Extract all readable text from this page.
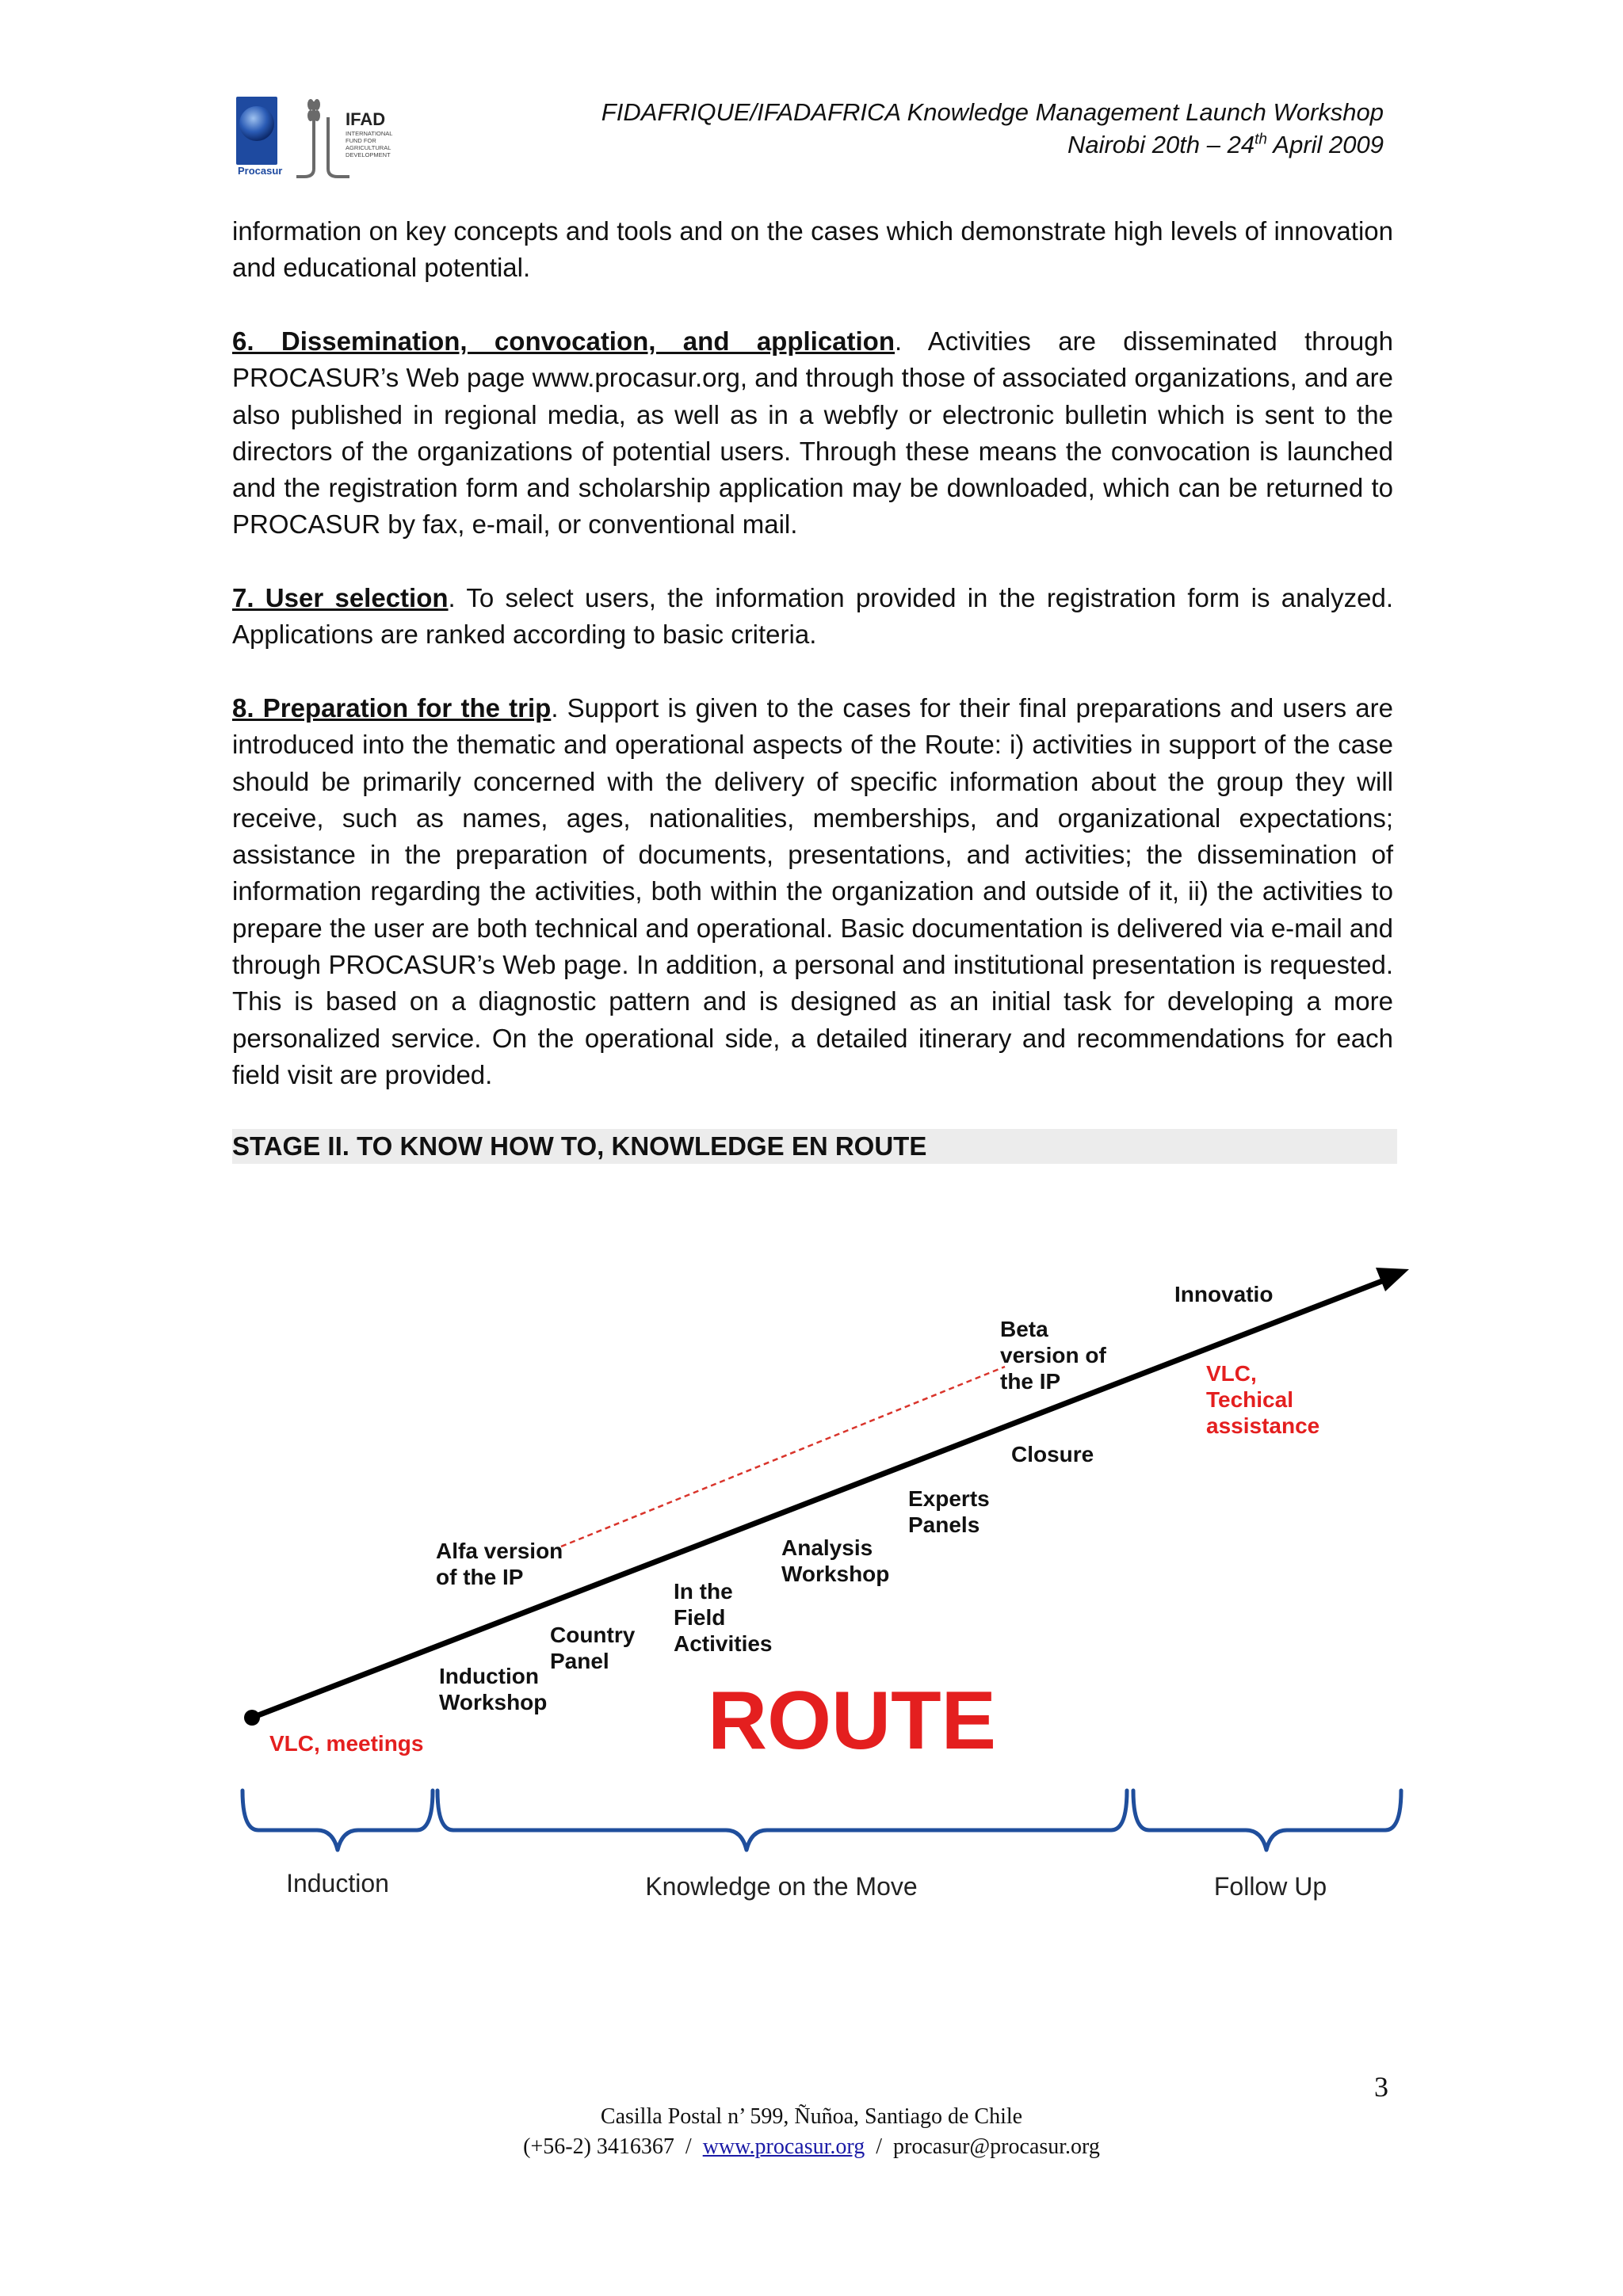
Procasur
IFAD
INTERNATIONAL
FUND FOR
AGRICULTURAL
DEVELOPMENT
FIDAFRIQUE/IFADAFRICA Knowledge Management Launch Workshop
Nairobi 20th – 24th April 2009
information on key concepts and tools and on the cases which demonstrate high levels of innovation and educational potential.
6. Dissemination, convocation, and application. Activities are disseminated through PROCASUR’s Web page www.procasur.org, and through those of associated organizations, and are also published in regional media, as well as in a webfly or electronic bulletin which is sent to the directors of the organizations of potential users. Through these means the convocation is launched and the registration form and scholarship application may be downloaded, which can be returned to PROCASUR by fax, e-mail, or conventional mail.
7. User selection. To select users, the information provided in the registration form is analyzed. Applications are ranked according to basic criteria.
8. Preparation for the trip. Support is given to the cases for their final preparations and users are introduced into the thematic and operational aspects of the Route: i) activities in support of the case should be primarily concerned with the delivery of specific information about the group they will receive, such as names, ages, nationalities, memberships, and organizational expectations; assistance in the preparation of documents, presentations, and activities; the dissemination of information regarding the activities, both within the organization and outside of it, ii) the activities to prepare the user are both technical and operational. Basic documentation is delivered via e-mail and through PROCASUR’s Web page. In addition, a personal and institutional presentation is requested. This is based on a diagnostic pattern and is designed as an initial task for developing a more personalized service. On the operational side, a detailed itinerary and recommendations for each field visit are provided.
STAGE II. TO KNOW HOW TO, KNOWLEDGE EN ROUTE
Innovatio
Beta
version of
the IP
Alfa version
of the IP
Induction
Workshop
Country
Panel
In the
Field
Activities
Analysis
Workshop
Experts
Panels
Closure
VLC,
Techical
assistance
VLC, meetings	ROUTE
Induction	Knowledge on the Move	Follow Up
3
Casilla Postal n’ 599, Ñuñoa, Santiago de Chile
(+56-2) 3416367  /  www.procasur.org  /  procasur@procasur.org
